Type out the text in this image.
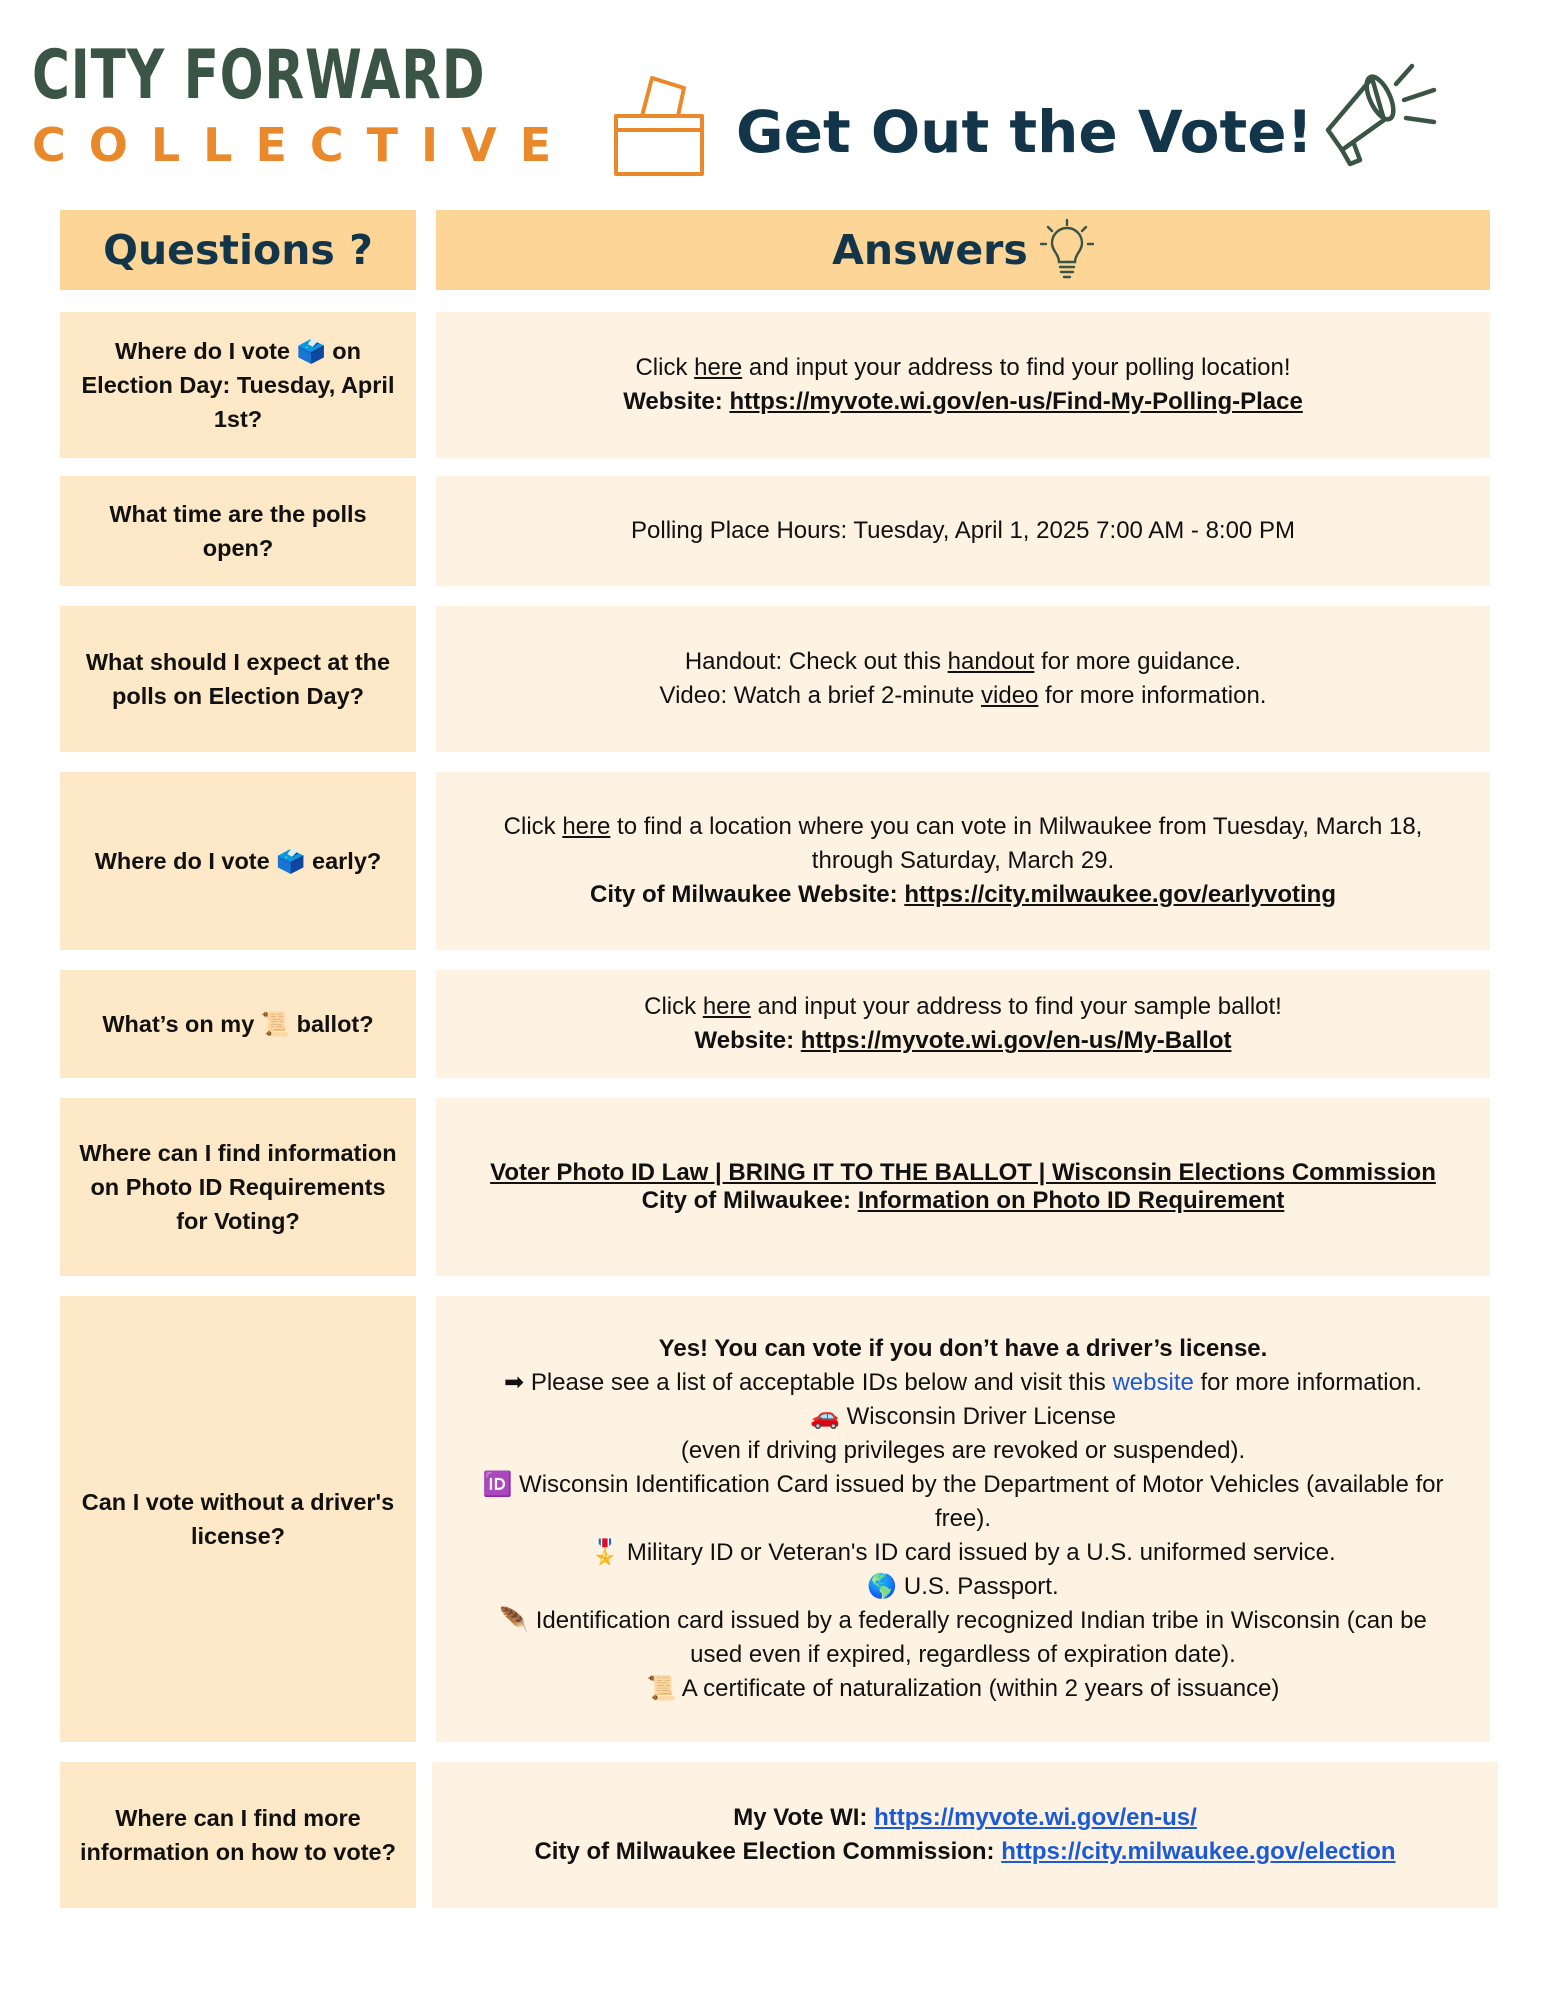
CITY FORWARD
COLLECTIVE	Get Out the Vote!
Questions ?	Answers
Where do I vote 🗳️ on Election Day: Tuesday, April 1st?
Click here and input your address to find your polling location!
Website: https://myvote.wi.gov/en-us/Find-My-Polling-Place
What time are the polls open?
Polling Place Hours: Tuesday, April 1, 2025 7:00 AM - 8:00 PM
What should I expect at the polls on Election Day?
Handout: Check out this handout for more guidance.
Video: Watch a brief 2-minute video for more information.
Where do I vote 🗳️ early?
Click here to find a location where you can vote in Milwaukee from Tuesday, March 18, through Saturday, March 29.
City of Milwaukee Website: https://city.milwaukee.gov/earlyvoting
What’s on my 📜 ballot?
Click here and input your address to find your sample ballot!
Website: https://myvote.wi.gov/en-us/My-Ballot
Where can I find information on Photo ID Requirements for Voting?
Voter Photo ID Law | BRING IT TO THE BALLOT | Wisconsin Elections Commission
City of Milwaukee: Information on Photo ID Requirement
Can I vote without a driver's license?
Yes! You can vote if you don’t have a driver’s license.
➡ Please see a list of acceptable IDs below and visit this website for more information.
🚗 Wisconsin Driver License
(even if driving privileges are revoked or suspended).
🆔 Wisconsin Identification Card issued by the Department of Motor Vehicles (available for free).
🎖️ Military ID or Veteran's ID card issued by a U.S. uniformed service.
🌎 U.S. Passport.
🪶 Identification card issued by a federally recognized Indian tribe in Wisconsin (can be used even if expired, regardless of expiration date).
📜 A certificate of naturalization (within 2 years of issuance)
Where can I find more information on how to vote?
My Vote WI: https://myvote.wi.gov/en-us/
City of Milwaukee Election Commission: https://city.milwaukee.gov/election
